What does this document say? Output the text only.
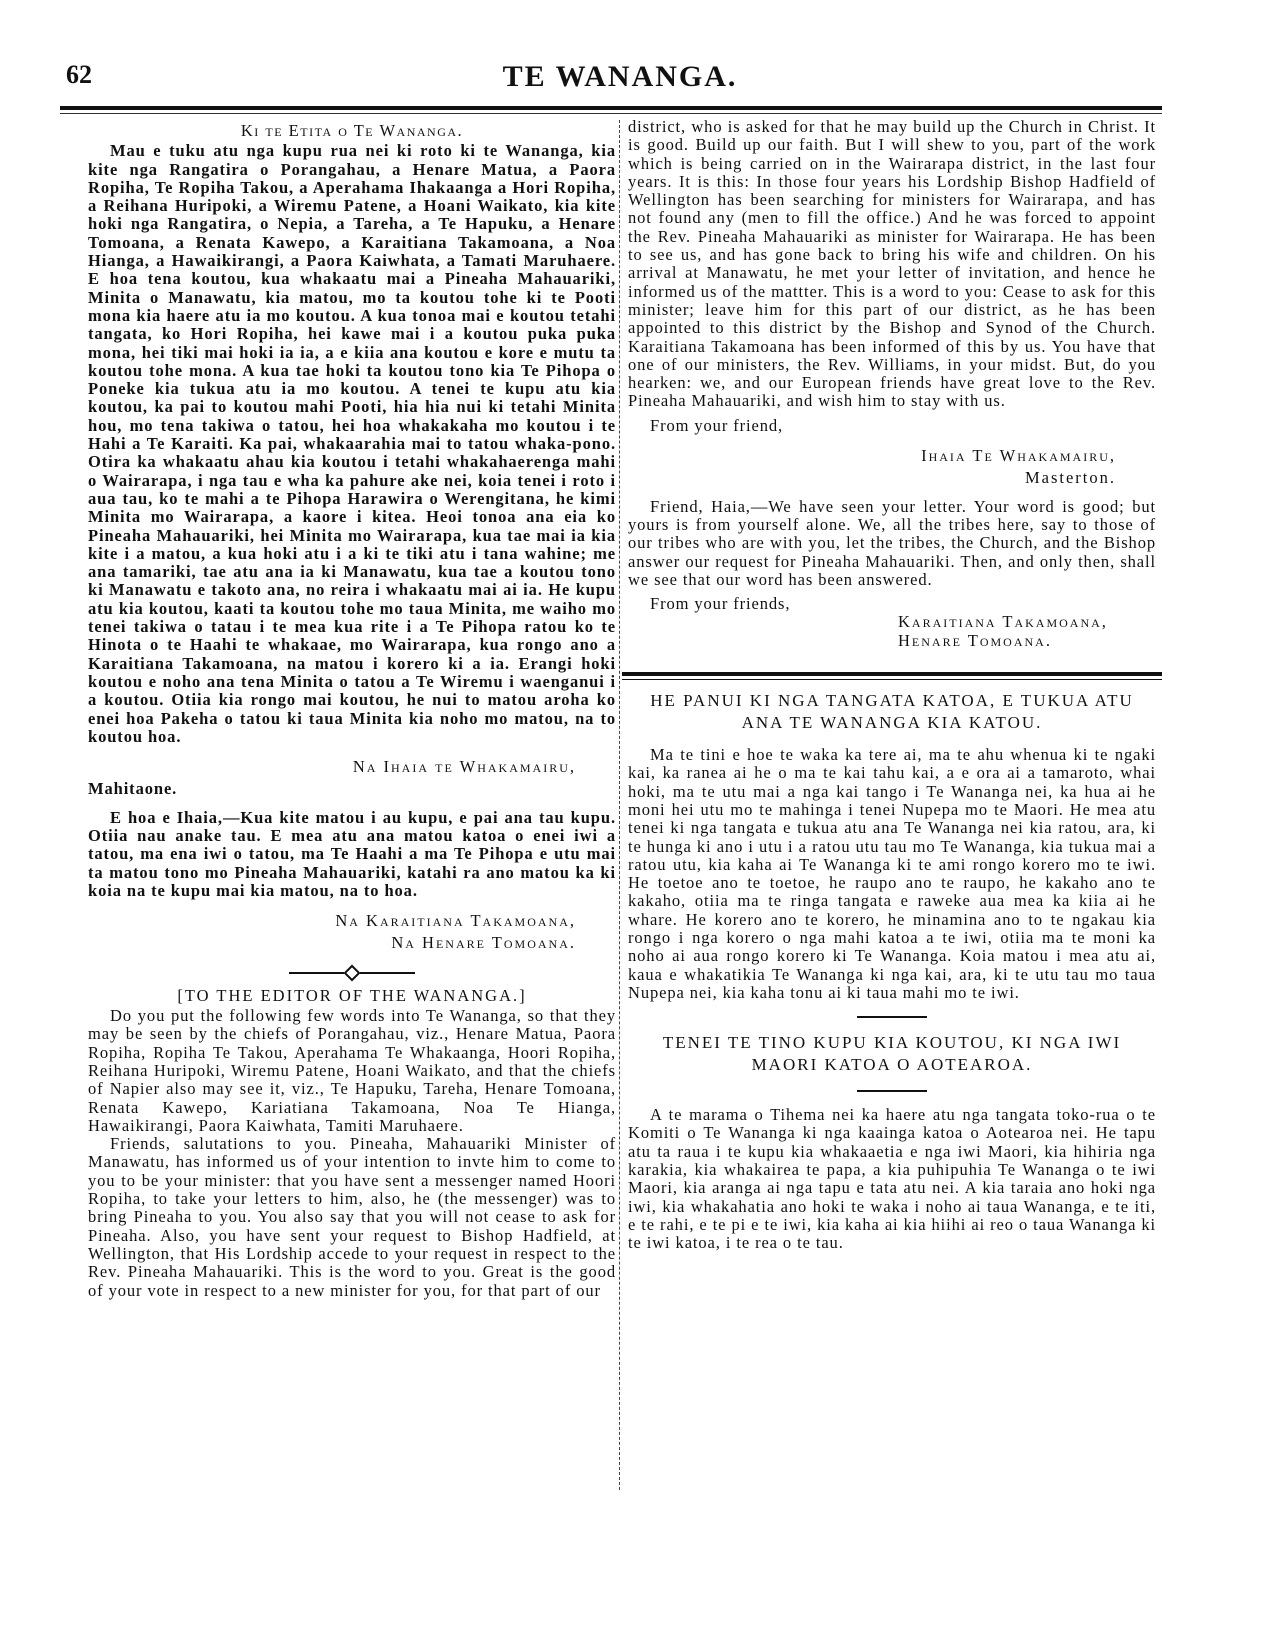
62	TE WANANGA.
Ki te Etita o Te Wananga.

Mau e tuku atu nga kupu rua nei ki roto ki te Wananga, kia kite nga Rangatira o Porangahau, a Henare Matua, a Paora Ropiha, Te Ropiha Takou, a Aperahama Ihakaanga a Hori Ropiha, a Reihana Huripoki, a Wiremu Patene, a Hoani Waikato, kia kite hoki nga Rangatira, o Nepia, a Tareha, a Te Hapuku, a Henare Tomoana, a Renata Kawepo, a Karaitiana Takamoana, a Noa Hianga, a Hawaikirangi, a Paora Kaiwhata, a Tamati Maruhaere. E hoa tena koutou, kua whakaatu mai a Pineaha Mahauariki, Minita o Manawatu, kia matou, mo ta koutou tohe ki te Pooti mona kia haere atu ia mo koutou. A kua tonoa mai e koutou tetahi tangata, ko Hori Ropiha, hei kawe mai i a koutou puka puka mona, hei tiki mai hoki ia ia, a e kiia ana koutou e kore e mutu ta koutou tohe mona. A kua tae hoki ta koutou tono kia Te Pihopa o Poneke kia tukua atu ia mo koutou. A tenei te kupu atu kia koutou, ka pai to koutou mahi Pooti, hia hia nui ki tetahi Minita hou, mo tena takiwa o tatou, hei hoa whakakaha mo koutou i te Hahi a Te Karaiti. Ka pai, whakaarahia mai to tatou whaka-pono. Otira ka whakaatu ahau kia koutou i tetahi whakahaerenga mahi o Wairarapa, i nga tau e wha ka pahure ake nei, koia tenei i roto i aua tau, ko te mahi a te Pihopa Harawira o Werengitana, he kimi Minita mo Wairarapa, a kaore i kitea. Heoi tonoa ana eia ko Pineaha Mahauariki, hei Minita mo Wairarapa, kua tae mai ia kia kite i a matou, a kua hoki atu i a ki te tiki atu i tana wahine; me ana tamariki, tae atu ana ia ki Manawatu, kua tae a koutou tono ki Manawatu e takoto ana, no reira i whakaatu mai ai ia. He kupu atu kia koutou, kaati ta koutou tohe mo taua Minita, me waiho mo tenei takiwa o tatau i te mea kua rite i a Te Pihopa ratou ko te Hinota o te Haahi te whakaae, mo Wairarapa, kua rongo ano a Karaitiana Takamoana, na matou i korero ki a ia. Erangi hoki koutou e noho ana tena Minita o tatou a Te Wiremu i waenganui i a koutou. Otiia kia rongo mai koutou, he nui to matou aroha ko enei hoa Pakeha o tatou ki taua Minita kia noho mo matou, na to koutou hoa.

Na Ihaia te Whakamairu,
Mahitaone.

E hoa e Ihaia,—Kua kite matou i au kupu, e pai ana tau kupu. Otiia nau anake tau. E mea atu ana matou katoa o enei iwi a tatou, ma ena iwi o tatou, ma Te Haahi a ma Te Pihopa e utu mai ta matou tono mo Pineaha Mahauariki, katahi ra ano matou ka ki koia na te kupu mai kia matou, na to hoa.

Na Karaitiana Takamoana,
Na Henare Tomoana.
[TO THE EDITOR OF THE WANANGA.]

Do you put the following few words into Te Wananga, so that they may be seen by the chiefs of Porangahau, viz., Henare Matua, Paora Ropiha, Ropiha Te Takou, Aperahama Te Whakaanga, Hoori Ropiha, Reihana Huripoki, Wiremu Patene, Hoani Waikato, and that the chiefs of Napier also may see it, viz., Te Hapuku, Tareha, Henare Tomoana, Renata Kawepo, Kariatiana Takamoana, Noa Te Hianga, Hawaikirangi, Paora Kaiwhata, Tamiti Maruhaere.

Friends, salutations to you. Pineaha, Mahauariki Minister of Manawatu, has informed us of your intention to invte him to come to you to be your minister: that you have sent a messenger named Hoori Ropiha, to take your letters to him, also, he (the messenger) was to bring Pineaha to you. You also say that you will not cease to ask for Pineaha. Also, you have sent your request to Bishop Hadfield, at Wellington, that His Lordship accede to your request in respect to the Rev. Pineaha Mahauariki. This is the word to you. Great is the good of your vote in respect to a new minister for you, for that part of our

district, who is asked for that he may build up the Church in Christ. It is good. Build up our faith. But I will shew to you, part of the work which is being carried on in the Wairarapa district, in the last four years. It is this: In those four years his Lordship Bishop Hadfield of Wellington has been searching for ministers for Wairarapa, and has not found any (men to fill the office.) And he was forced to appoint the Rev. Pineaha Mahauariki as minister for Wairarapa. He has been to see us, and has gone back to bring his wife and children. On his arrival at Manawatu, he met your letter of invitation, and hence he informed us of the mattter. This is a word to you: Cease to ask for this minister; leave him for this part of our district, as he has been appointed to this district by the Bishop and Synod of the Church. Karaitiana Takamoana has been informed of this by us. You have that one of our ministers, the Rev. Williams, in your midst. But, do you hearken: we, and our European friends have great love to the Rev. Pineaha Mahauariki, and wish him to stay with us.

From your friend,
Ihaia Te Whakamairu,
Masterton.

Friend, Haia,—We have seen your letter. Your word is good; but yours is from yourself alone. We, all the tribes here, say to those of our tribes who are with you, let the tribes, the Church, and the Bishop answer our request for Pineaha Mahauariki. Then, and only then, shall we see that our word has been answered.

From your friends,
Karaitiana Takamoana,
Henare Tomoana.
HE PANUI KI NGA TANGATA KATOA, E TUKUA ATU ANA TE WANANGA KIA KATOU.

Ma te tini e hoe te waka ka tere ai, ma te ahu whenua ki te ngaki kai, ka ranea ai he o ma te kai tahu kai, a e ora ai a tamaroto, whai hoki, ma te utu mai a nga kai tango i Te Wananga nei, ka hua ai he moni hei utu mo te mahinga i tenei Nupepa mo te Maori. He mea atu tenei ki nga tangata e tukua atu ana Te Wananga nei kia ratou, ara, ki te hunga ki ano i utu i a ratou utu tau mo Te Wananga, kia tukua mai a ratou utu, kia kaha ai Te Wananga ki te ami rongo korero mo te iwi. He toetoe ano te toetoe, he raupo ano te raupo, he kakaho ano te kakaho, otiia ma te ringa tangata e raweke aua mea ka kiia ai he whare. He korero ano te korero, he minamina ano to te ngakau kia rongo i nga korero o nga mahi katoa a te iwi, otiia ma te moni ka noho ai aua rongo korero ki Te Wananga. Koia matou i mea atu ai, kaua e whakatikia Te Wananga ki nga kai, ara, ki te utu tau mo taua Nupepa nei, kia kaha tonu ai ki taua mahi mo te iwi.

TENEI TE TINO KUPU KIA KOUTOU, KI NGA IWI MAORI KATOA O AOTEAROA.

A te marama o Tihema nei ka haere atu nga tangata toko-rua o te Komiti o Te Wananga ki nga kaainga katoa o Aotearoa nei. He tapu atu ta raua i te kupu kia whakaaetia e nga iwi Maori, kia hihiria nga karakia, kia whakairea te papa, a kia puhipuhia Te Wananga o te iwi Maori, kia aranga ai nga tapu e tata atu nei. A kia taraia ano hoki nga iwi, kia whakahatia ano hoki te waka i noho ai taua Wananga, e te iti, e te rahi, e te pi e te iwi, kia kaha ai kia hiihi ai reo o taua Wananga ki te iwi katoa, i te rea o te tau.
